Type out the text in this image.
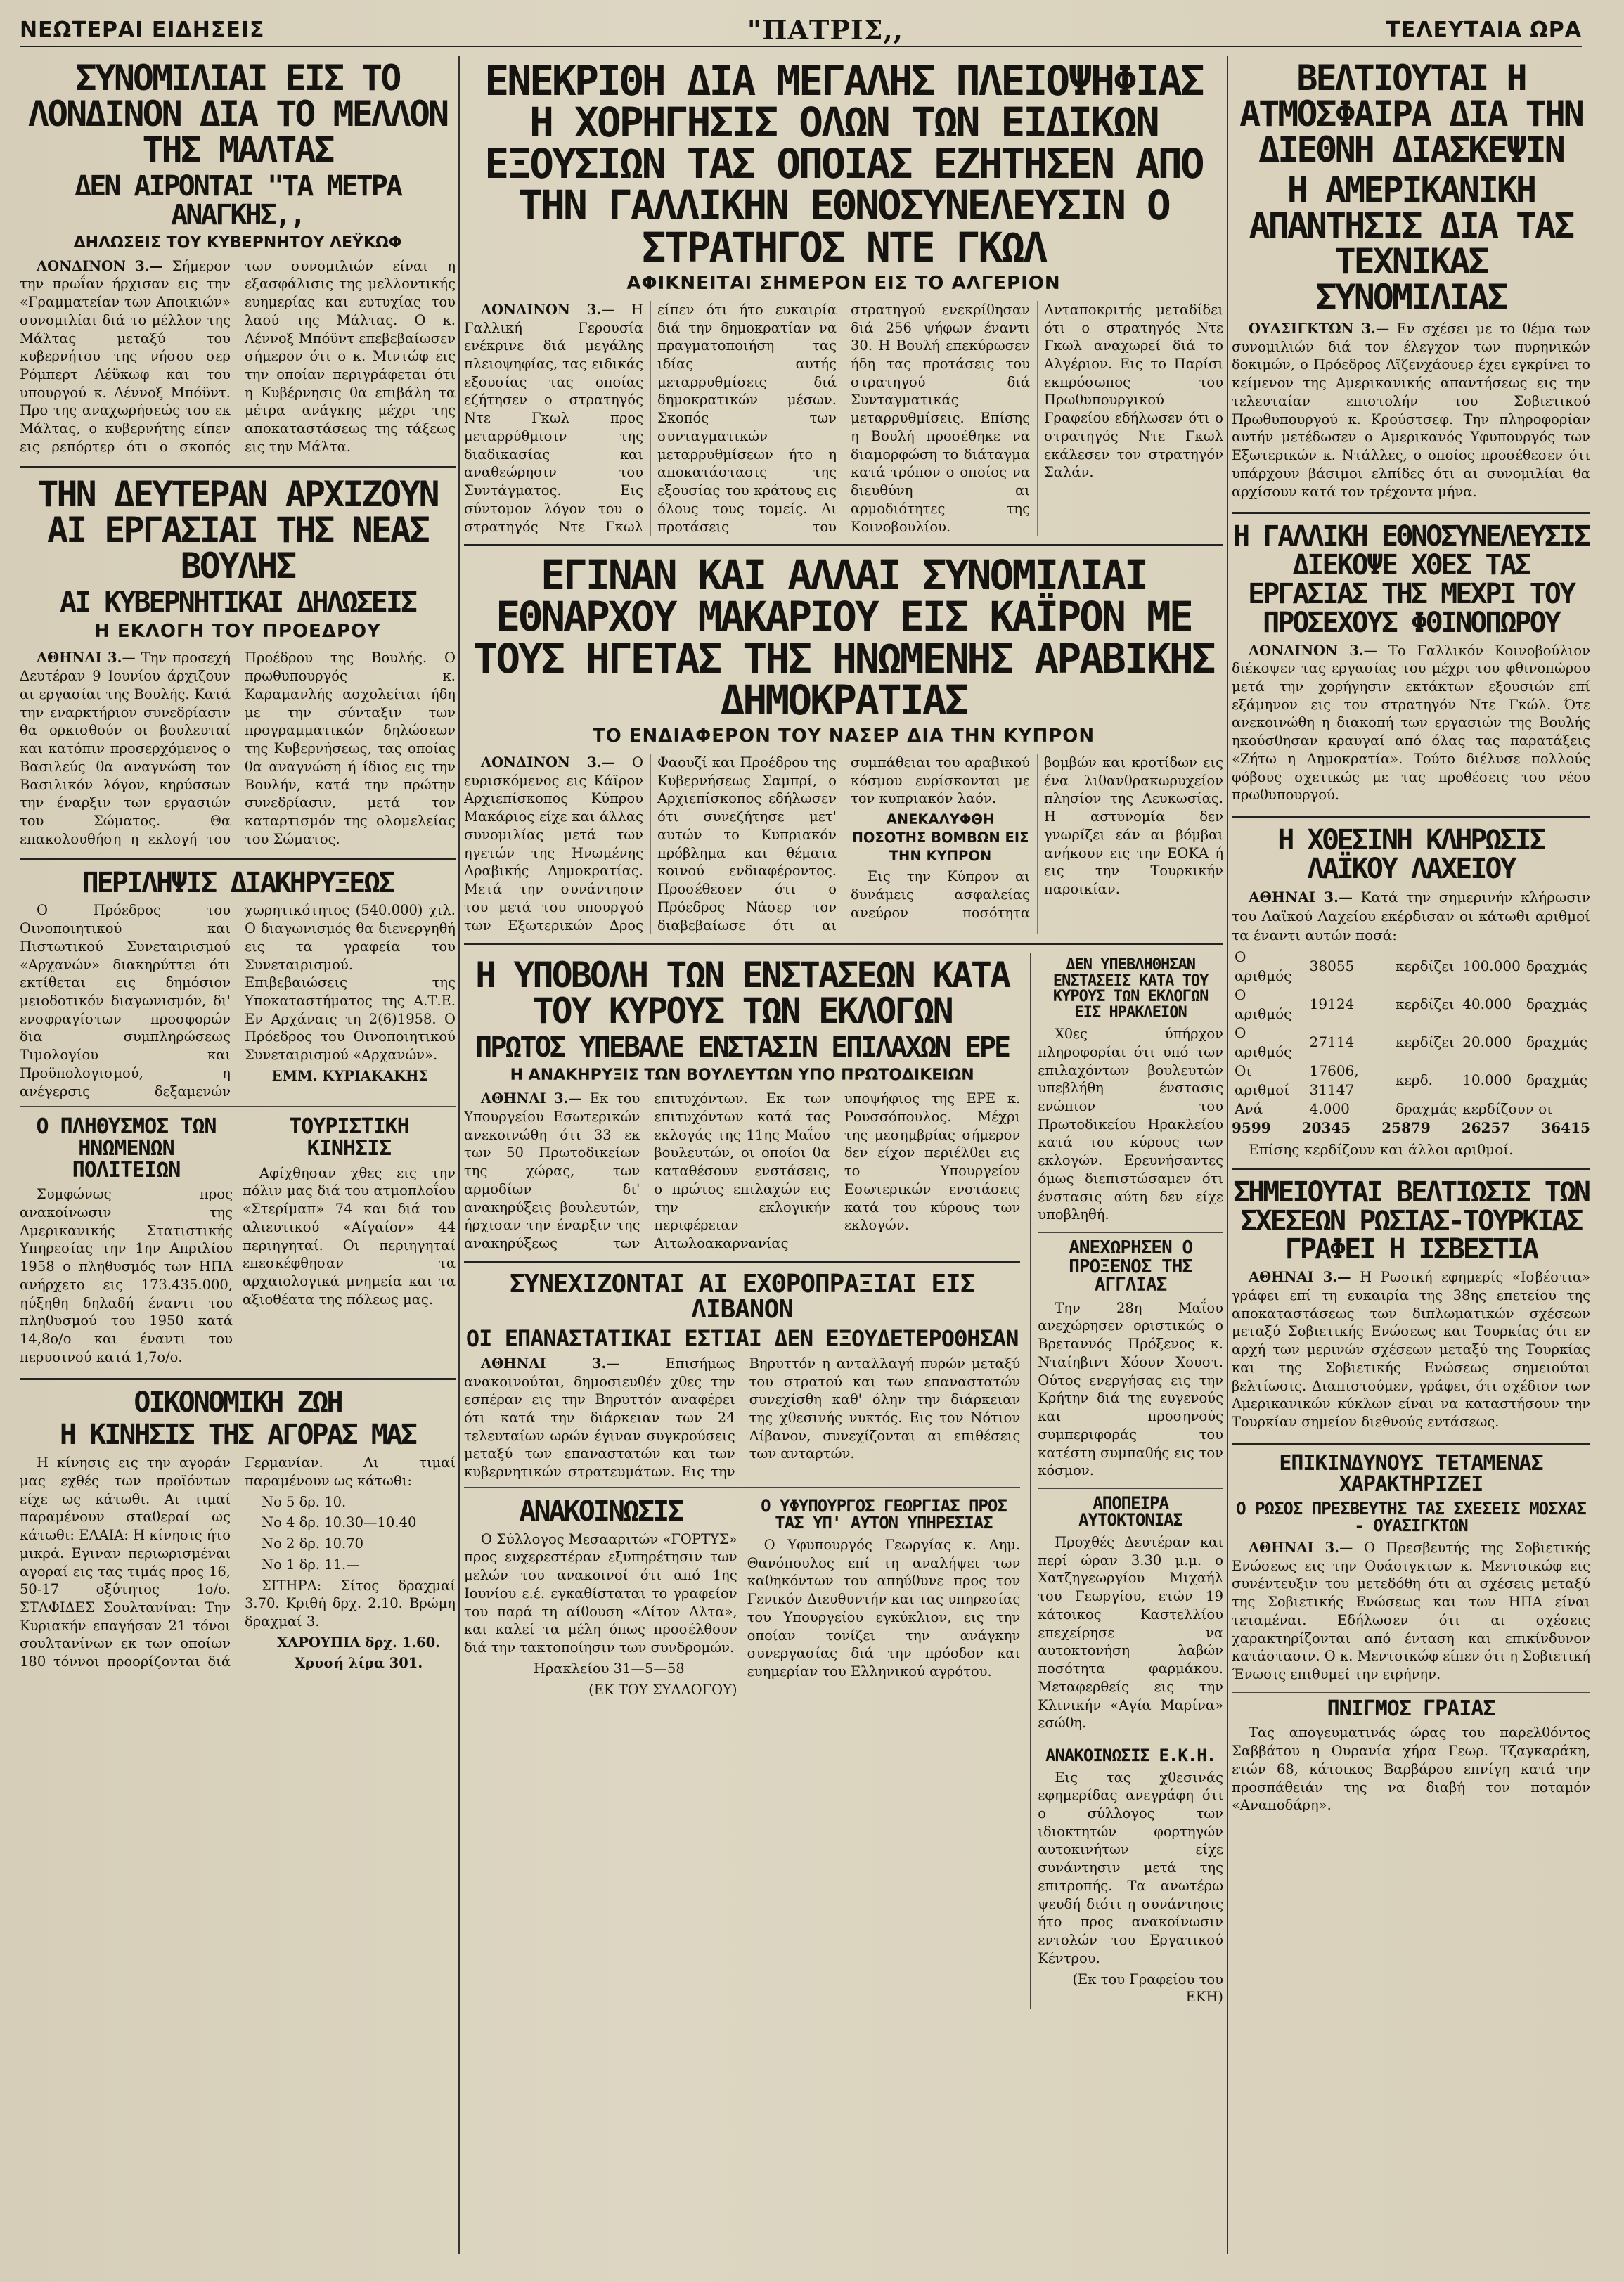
ΝΕΩΤΕΡΑΙ ΕΙΔΗΣΕΙΣ	"ΠΑΤΡΙΣ,,	ΤΕΛΕΥΤΑΙΑ ΩΡΑ
ΣΥΝΟΜΙΛΙΑΙ ΕΙΣ ΤΟ ΛΟΝΔΙΝΟΝ ΔΙΑ ΤΟ ΜΕΛΛΟΝ ΤΗΣ ΜΑΛΤΑΣ
ΔΕΝ ΑΙΡΟΝΤΑΙ "ΤΑ ΜΕΤΡΑ ΑΝΑΓΚΗΣ,,
ΔΗΛΩΣΕΙΣ ΤΟΥ ΚΥΒΕΡΝΗΤΟΥ ΛΕΫΚΩΦ

ΛΟΝΔΙΝΟΝ 3.— Σήμερον την πρωΐαν ήρχισαν εις την «Γραμματείαν των Αποικιών» συνομιλίαι διά το μέλλον της Μάλτας μεταξύ του κυβερνήτου της νήσου σερ Ρόμπερτ Λέϋκωφ και του υπουργού κ. Λέννοξ Μπόϋντ. Προ της αναχωρήσεώς του εκ Μάλτας, ο κυβερνήτης είπεν εις ρεπόρτερ ότι ο σκοπός των συνομιλιών είναι η εξασφάλισις της μελλοντικής ευημερίας και ευτυχίας του λαού της Μάλτας. Ο κ. Λέννοξ Μπόϋντ επεβεβαίωσεν σήμερον ότι ο κ. Μιντώφ εις την οποίαν περιγράφεται ότι η Κυβέρνησις θα επιβάλη τα μέτρα ανάγκης μέχρι της αποκαταστάσεως της τάξεως εις την Μάλτα.

ΤΗΝ ΔΕΥΤΕΡΑΝ ΑΡΧΙΖΟΥΝ ΑΙ ΕΡΓΑΣΙΑΙ ΤΗΣ ΝΕΑΣ ΒΟΥΛΗΣ
ΑΙ ΚΥΒΕΡΝΗΤΙΚΑΙ ΔΗΛΩΣΕΙΣ
Η ΕΚΛΟΓΗ ΤΟΥ ΠΡΟΕΔΡΟΥ

ΑΘΗΝΑΙ 3.— Την προσεχή Δευτέραν 9 Ιουνίου άρχιζουν αι εργασίαι της Βουλής. Κατά την εναρκτήριον συνεδρίασιν θα ορκισθούν οι βουλευταί και κατόπιν προσερχόμενος ο Βασιλεύς θα αναγνώση τον Βασιλικόν λόγον, κηρύσσων την έναρξιν των εργασιών του Σώματος. Θα επακολουθήση η εκλογή του Προέδρου της Βουλής. Ο πρωθυπουργός κ. Καραμανλής ασχολείται ήδη με την σύνταξιν των προγραμματικών δηλώσεων της Κυβερνήσεως, τας οποίας θα αναγνώση ή ίδιος εις την Βουλήν, κατά την πρώτην συνεδρίασιν, μετά τον καταρτισμόν της ολομελείας του Σώματος.

ΠΕΡΙΛΗΨΙΣ ΔΙΑΚΗΡΥΞΕΩΣ

Ο Πρόεδρος του Οινοποιητικού και Πιστωτικού Συνεταιρισμού «Αρχανών» διακηρύττει ότι εκτίθεται εις δημόσιον μειοδοτικόν διαγωνισμόν, δι' ενσφραγίστων προσφορών δια συμπληρώσεως Τιμολογίου και Προϋπολογισμού, η ανέγερσις δεξαμενών χωρητικότητος (540.000) χιλ. Ο διαγωνισμός θα διενεργηθή εις τα γραφεία του Συνεταιρισμού. Επιβεβαιώσεις της Υποκαταστήματος της Α.Τ.Ε. Εν Αρχάναις τη 2(6)1958. Ο Πρόεδρος του Οινοποιητικού Συνεταιρισμού «Αρχανών».

ΕΜΜ. ΚΥΡΙΑΚΑΚΗΣ

Ο ΠΛΗΘΥΣΜΟΣ ΤΩΝ ΗΝΩΜΕΝΩΝ ΠΟΛΙΤΕΙΩΝ

Συμφώνως προς ανακοίνωσιν της Αμερικανικής Στατιστικής Υπηρεσίας την 1ην Απριλίου 1958 ο πληθυσμός των ΗΠΑ ανήρχετο εις 173.435.000, ηύξηθη δηλαδή έναντι του πληθυσμού του 1950 κατά 14,8ο/ο και έναντι του περυσινού κατά 1,7ο/ο.

ΤΟΥΡΙΣΤΙΚΗ ΚΙΝΗΣΙΣ

Αφίχθησαν χθες εις την πόλιν μας διά του ατμοπλοΐου «Στερίμαπ» 74 και διά του αλιευτικού «Αίγαίον» 44 περιηγηταί. Οι περιηγηταί επεσκέφθησαν τα αρχαιολογικά μνημεία και τα αξιοθέατα της πόλεως μας.

ΟΙΚΟΝΟΜΙΚΗ ΖΩΗ
Η ΚΙΝΗΣΙΣ ΤΗΣ ΑΓΟΡΑΣ ΜΑΣ

Η κίνησις εις την αγοράν μας εχθές των προϊόντων είχε ως κάτωθι. Αι τιμαί παραμένουν σταθεραί ως κάτωθι: ΕΛΑΙΑ: Η κίνησις ήτο μικρά. Εγιναν περιωρισμέναι αγοραί εις τας τιμάς προς 16, 50-17 οξύτητος 1ο/ο. ΣΤΑΦΙΔΕΣ Σουλτανίναι: Την Κυριακήν επαγήσαν 21 τόνοι σουλτανίνων εκ των οποίων 180 τόννοι προορίζονται διά Γερμανίαν. Αι τιμαί παραμένουν ως κάτωθι:

Νο 5 δρ. 10.

Νο 4 δρ. 10.30—10.40

Νο 2 δρ. 10.70

Νο 1 δρ. 11.—

ΣΙΤΗΡΑ: Σίτος δραχμαί 3.70. Κριθή δρχ. 2.10. Βρώμη δραχμαί 3.

ΧΑΡΟΥΠΙΑ δρχ. 1.60.

Χρυσή λίρα 301.

ΕΝΕΚΡΙΘΗ ΔΙΑ ΜΕΓΑΛΗΣ ΠΛΕΙΟΨΗΦΙΑΣ Η ΧΟΡΗΓΗΣΙΣ ΟΛΩΝ ΤΩΝ ΕΙΔΙΚΩΝ ΕΞΟΥΣΙΩΝ ΤΑΣ ΟΠΟΙΑΣ ΕΖΗΤΗΣΕΝ ΑΠΟ ΤΗΝ ΓΑΛΛΙΚΗΝ ΕΘΝΟΣΥΝΕΛΕΥΣΙΝ Ο ΣΤΡΑΤΗΓΟΣ ΝΤΕ ΓΚΩΛ
ΑΦΙΚΝΕΙΤΑΙ ΣΗΜΕΡΟΝ ΕΙΣ ΤΟ ΑΛΓΕΡΙΟΝ

ΛΟΝΔΙΝΟΝ 3.— Η Γαλλική Γερουσία ενέκρινε διά μεγάλης πλειοψηφίας, τας ειδικάς εξουσίας τας οποίας εζήτησεν ο στρατηγός Ντε Γκωλ προς μεταρρύθμισιν της διαδικασίας και αναθεώρησιν του Συντάγματος. Εις σύντομον λόγον του ο στρατηγός Ντε Γκωλ είπεν ότι ήτο ευκαιρία διά την δημοκρατίαν να πραγματοποιήση τας ιδίας αυτής μεταρρυθμίσεις διά δημοκρατικών μέσων. Σκοπός των συνταγματικών μεταρρυθμίσεων ήτο η αποκατάστασις της εξουσίας του κράτους εις όλους τους τομείς. Αι προτάσεις του στρατηγού ενεκρίθησαν διά 256 ψήφων έναντι 30. Η Βουλή επεκύρωσεν ήδη τας προτάσεις του στρατηγού διά Συνταγματικάς μεταρρυθμίσεις. Επίσης η Βουλή προσέθηκε να διαμορφώση το διάταγμα κατά τρόπον ο οποίος να διευθύνη αι αρμοδιότητες της Κοινοβουλίου. Ανταποκριτής μεταδίδει ότι ο στρατηγός Ντε Γκωλ αναχωρεί διά το Αλγέριον. Εις το Παρίσι εκπρόσωπος του Πρωθυπουργικού Γραφείου εδήλωσεν ότι ο στρατηγός Ντε Γκωλ εκάλεσεν τον στρατηγόν Σαλάν.

ΕΓΙΝΑΝ ΚΑΙ ΑΛΛΑΙ ΣΥΝΟΜΙΛΙΑΙ ΕΘΝΑΡΧΟΥ ΜΑΚΑΡΙΟΥ ΕΙΣ ΚΑΪΡΟΝ ΜΕ ΤΟΥΣ ΗΓΕΤΑΣ ΤΗΣ ΗΝΩΜΕΝΗΣ ΑΡΑΒΙΚΗΣ ΔΗΜΟΚΡΑΤΙΑΣ
ΤΟ ΕΝΔΙΑΦΕΡΟΝ ΤΟΥ ΝΑΣΕΡ ΔΙΑ ΤΗΝ ΚΥΠΡΟΝ

ΛΟΝΔΙΝΟΝ 3.— Ο ευρισκόμενος εις Κάϊρον Αρχιεπίσκοπος Κύπρου Μακάριος είχε και άλλας συνομιλίας μετά των ηγετών της Ηνωμένης Αραβικής Δημοκρατίας. Μετά την συνάντησιν του μετά του υπουργού των Εξωτερικών Δρος Φαουζί και Προέδρου της Κυβερνήσεως Σαμπρί, ο Αρχιεπίσκοπος εδήλωσεν ότι συνεζήτησε μετ' αυτών το Κυπριακόν πρόβλημα και θέματα κοινού ενδιαφέροντος. Προσέθεσεν ότι ο Πρόεδρος Νάσερ τον διαβεβαίωσε ότι αι συμπάθειαι του αραβικού κόσμου ευρίσκονται με τον κυπριακόν λαόν.

ΑΝΕΚΑΛΥΦΘΗ ΠΟΣΟΤΗΣ ΒΟΜΒΩΝ ΕΙΣ ΤΗΝ ΚΥΠΡΟΝ

Εις την Κύπρον αι δυνάμεις ασφαλείας ανεύρον ποσότητα βομβών και κροτίδων εις ένα λιθανθρακωρυχείον πλησίον της Λευκωσίας. Η αστυνομία δεν γνωρίζει εάν αι βόμβαι ανήκουν εις την ΕΟΚΑ ή εις την Τουρκικήν παροικίαν.

Η ΥΠΟΒΟΛΗ ΤΩΝ ΕΝΣΤΑΣΕΩΝ ΚΑΤΑ ΤΟΥ ΚΥΡΟΥΣ ΤΩΝ ΕΚΛΟΓΩΝ
ΠΡΩΤΟΣ ΥΠΕΒΑΛΕ ΕΝΣΤΑΣΙΝ ΕΠΙΛΑΧΩΝ ΕΡΕ
Η ΑΝΑΚΗΡΥΞΙΣ ΤΩΝ ΒΟΥΛΕΥΤΩΝ ΥΠΟ ΠΡΩΤΟΔΙΚΕΙΩΝ

ΑΘΗΝΑΙ 3.— Εκ του Υπουργείου Εσωτερικών ανεκοινώθη ότι 33 εκ των 50 Πρωτοδικείων της χώρας, των αρμοδίων δι' ανακηρύξεις βουλευτών, ήρχισαν την έναρξιν της ανακηρύξεως των επιτυχόντων. Εκ των επιτυχόντων κατά τας εκλογάς της 11ης Μαΐου βουλευτών, οι οποίοι θα καταθέσουν ενστάσεις, ο πρώτος επιλαχών εις την εκλογικήν περιφέρειαν Αιτωλοακαρνανίας υποψήφιος της ΕΡΕ κ. Ρουσσόπουλος. Μέχρι της μεσημβρίας σήμερον δεν είχον περιέλθει εις το Υπουργείον Εσωτερικών ενστάσεις κατά του κύρους των εκλογών.

ΣΥΝΕΧΙΖΟΝΤΑΙ ΑΙ ΕΧΘΡΟΠΡΑΞΙΑΙ ΕΙΣ ΛΙΒΑΝΟΝ
ΟΙ ΕΠΑΝΑΣΤΑΤΙΚΑΙ ΕΣΤΙΑΙ ΔΕΝ ΕΞΟΥΔΕΤΕΡΟΘΗΣΑΝ

ΑΘΗΝΑΙ 3.—	Επισήμως ανακοινούται, δημοσιευθέν χθες την εσπέραν εις την Βηρυττόν αναφέρει ότι κατά την διάρκειαν των 24 τελευταίων ωρών έγιναν συγκρούσεις μεταξύ των επαναστατών και των κυβερνητικών στρατευμάτων. Εις την Βηρυττόν η ανταλλαγή πυρών μεταξύ του στρατού και των επαναστατών συνεχίσθη καθ' όλην την διάρκειαν της χθεσινής νυκτός. Εις τον Νότιον Λίβανον, συνεχίζονται αι επιθέσεις των ανταρτών.

ΑΝΑΚΟΙΝΩΣΙΣ

Ο Σύλλογος Μεσααριτών «ΓΟΡΤΥΣ» προς ευχερεστέραν εξυπηρέτησιν των μελών του ανακοινοί ότι από 1ης Ιουνίου ε.έ. εγκαθίσταται το γραφείον του παρά τη αίθουση «Λίτον Αλτα», και καλεί τα μέλη όπως προσέλθουν διά την τακτοποίησιν των συνδρομών.

Ηρακλείου 31—5—58

(ΕΚ ΤΟΥ ΣΥΛΛΟΓΟΥ)

Ο ΥΦΥΠΟΥΡΓΟΣ ΓΕΩΡΓΙΑΣ ΠΡΟΣ ΤΑΣ ΥΠ' ΑΥΤΟΝ ΥΠΗΡΕΣΙΑΣ

Ο Υφυπουργός Γεωργίας κ. Δημ. Θανόπουλος επί τη αναλήψει των καθηκόντων του απηύθυνε προς τον Γενικόν Διευθυντήν και τας υπηρεσίας του Υπουργείου εγκύκλιον, εις την οποίαν τονίζει την ανάγκην συνεργασίας διά την πρόοδον και ευημερίαν του Ελληνικού αγρότου.

ΔΕΝ ΥΠΕΒΛΗΘΗΣΑΝ ΕΝΣΤΑΣΕΙΣ ΚΑΤΑ ΤΟΥ ΚΥΡΟΥΣ ΤΩΝ ΕΚΛΟΓΩΝ ΕΙΣ ΗΡΑΚΛΕΙΟΝ

Χθες ύπήρχον πληροφορίαι ότι υπό των επιλαχόντων βουλευτών υπεβλήθη ένστασις ενώπιον του Πρωτοδικείου Ηρακλείου κατά του κύρους των εκλογών. Ερευνήσαντες όμως διεπιστώσαμεν ότι ένστασις αύτη δεν είχε υποβληθή.

ΑΝΕΧΩΡΗΣΕΝ Ο ΠΡΟΞΕΝΟΣ ΤΗΣ ΑΓΓΛΙΑΣ

Την 28η Μαΐου ανεχώρησεν οριστικώς ο Βρεταννός Πρόξενος κ. Νταίηβιντ Χόουν Χουστ. Ούτος ενεργήσας εις την Κρήτην διά της ευγενούς και προσηνούς συμπεριφοράς του κατέστη συμπαθής εις τον κόσμον.

ΑΠΟΠΕΙΡΑ ΑΥΤΟΚΤΟΝΙΑΣ

Προχθές Δευτέραν και περί ώραν 3.30 μ.μ. ο Χατζηγεωργίου Μιχαήλ του Γεωργίου, ετών 19 κάτοικος Καστελλίου επεχείρησε να αυτοκτονήση λαβών ποσότητα φαρμάκου. Μεταφερθείς εις την Κλινικήν «Αγία Μαρίνα» εσώθη.

ΑΝΑΚΟΙΝΩΣΙΣ Ε.Κ.Η.

Εις τας χθεσινάς εφημερίδας ανεγράφη ότι ο σύλλογος των ιδιοκτητών φορτηγών αυτοκινήτων είχε συνάντησιν μετά της επιτροπής. Τα ανωτέρω ψευδή διότι η συνάντησις ήτο προς ανακοίνωσιν εντολών του Εργατικού Κέντρου.

(Εκ του Γραφείου του ΕΚΗ)

ΒΕΛΤΙΟΥΤΑΙ Η ΑΤΜΟΣΦΑΙΡΑ ΔΙΑ ΤΗΝ ΔΙΕΘΝΗ ΔΙΑΣΚΕΨΙΝ
Η ΑΜΕΡΙΚΑΝΙΚΗ ΑΠΑΝΤΗΣΙΣ ΔΙΑ ΤΑΣ ΤΕΧΝΙΚΑΣ ΣΥΝΟΜΙΛΙΑΣ

ΟΥΑΣΙΓΚΤΩΝ 3.— Εν σχέσει με το θέμα των συνομιλιών διά τον έλεγχον των πυρηνικών δοκιμών, ο Πρόεδρος Αϊζενχάουερ έχει εγκρίνει το κείμενον της Αμερικανικής απαντήσεως εις την τελευταίαν επιστολήν του Σοβιετικού Πρωθυπουργού κ. Κρούστσεφ. Την πληροφορίαν αυτήν μετέδωσεν ο Αμερικανός Υφυπουργός των Εξωτερικών κ. Ντάλλες, ο οποίος προσέθεσεν ότι υπάρχουν βάσιμοι ελπίδες ότι αι συνομιλίαι θα αρχίσουν κατά τον τρέχοντα μήνα.

Η ΓΑΛΛΙΚΗ ΕΘΝΟΣΥΝΕΛΕΥΣΙΣ ΔΙΕΚΟΨΕ ΧΘΕΣ ΤΑΣ ΕΡΓΑΣΙΑΣ ΤΗΣ ΜΕΧΡΙ ΤΟΥ ΠΡΟΣΕΧΟΥΣ ΦΘΙΝΟΠΩΡΟΥ

ΛΟΝΔΙΝΟΝ 3.— Το Γαλλικόν Κοινοβούλιον διέκοψεν τας εργασίας του μέχρι του φθινοπώρου μετά την χορήγησιν εκτάκτων εξουσιών επί εξάμηνον εις τον στρατηγόν Ντε Γκώλ. Ότε ανεκοινώθη η διακοπή των εργασιών της Βουλής ηκούσθησαν κραυγαί από όλας τας παρατάξεις «Ζήτω η Δημοκρατία». Τούτο διέλυσε πολλούς φόβους σχετικώς με τας προθέσεις του νέου πρωθυπουργού.

Η ΧΘΕΣΙΝΗ ΚΛΗΡΩΣΙΣ ΛΑΪΚΟΥ ΛΑΧΕΙΟΥ

ΑΘΗΝΑΙ 3.— Κατά την σημερινήν κλήρωσιν του Λαϊκού Λαχείου εκέρδισαν οι κάτωθι αριθμοί τα έναντι αυτών ποσά:

Ο αριθμός	38055	κερδίζει	100.000	δραχμάς
Ο αριθμός	19124	κερδίζει	40.000	δραχμάς
Ο αριθμός	27114	κερδίζει	20.000	δραχμάς
Οι αριθμοί	17606, 31147	κερδ.	10.000	δραχμάς
Ανά	4.000	δραχμάς	κερδίζουν οι	
9599 20345 25879 26257 36415

Επίσης κερδίζουν και άλλοι αριθμοί.

ΣΗΜΕΙΟΥΤΑΙ ΒΕΛΤΙΩΣΙΣ ΤΩΝ ΣΧΕΣΕΩΝ ΡΩΣΙΑΣ-ΤΟΥΡΚΙΑΣ ΓΡΑΦΕΙ Η ΙΣΒΕΣΤΙΑ

ΑΘΗΝΑΙ 3.— Η Ρωσική εφημερίς «Ισβέστια» γράφει επί τη ευκαιρία της 38ης επετείου της αποκαταστάσεως των διπλωματικών σχέσεων μεταξύ Σοβιετικής Ενώσεως και Τουρκίας ότι εν αρχή των μερινών σχέσεων μεταξύ της Τουρκίας και της Σοβιετικής Ενώσεως σημειούται βελτίωσις. Διαπιστούμεν, γράφει, ότι σχέδιον των Αμερικανικών κύκλων είναι να καταστήσουν την Τουρκίαν σημείον διεθνούς εντάσεως.

ΕΠΙΚΙΝΔΥΝΟΥΣ ΤΕΤΑΜΕΝΑΣ ΧΑΡΑΚΤΗΡΙΖΕΙ
Ο ΡΩΣΟΣ ΠΡΕΣΒΕΥΤΗΣ ΤΑΣ ΣΧΕΣΕΙΣ ΜΟΣΧΑΣ - ΟΥΑΣΙΓΚΤΩΝ

ΑΘΗΝΑΙ 3.— Ο Πρεσβευτής της Σοβιετικής Ενώσεως εις την Ουάσιγκτων κ. Μεντσικώφ εις συνέντευξιν του μετεδόθη ότι αι σχέσεις μεταξύ της Σοβιετικής Ενώσεως και των ΗΠΑ είναι τεταμέναι. Εδήλωσεν ότι αι σχέσεις χαρακτηρίζονται από ένταση και επικίνδυνον κατάστασιν. Ο κ. Μεντσικώφ είπεν ότι η Σοβιετική Ένωσις επιθυμεί την ειρήνην.

ΠΝΙΓΜΟΣ ΓΡΑΙΑΣ

Τας απογευματινάς ώρας του παρελθόντος Σαββάτου η Ουρανία χήρα Γεωρ. Τζαγκαράκη, ετών 68, κάτοικος Βαρβάρου επνίγη κατά την προσπάθειάν της να διαβή τον ποταμόν «Αναποδάρη».
